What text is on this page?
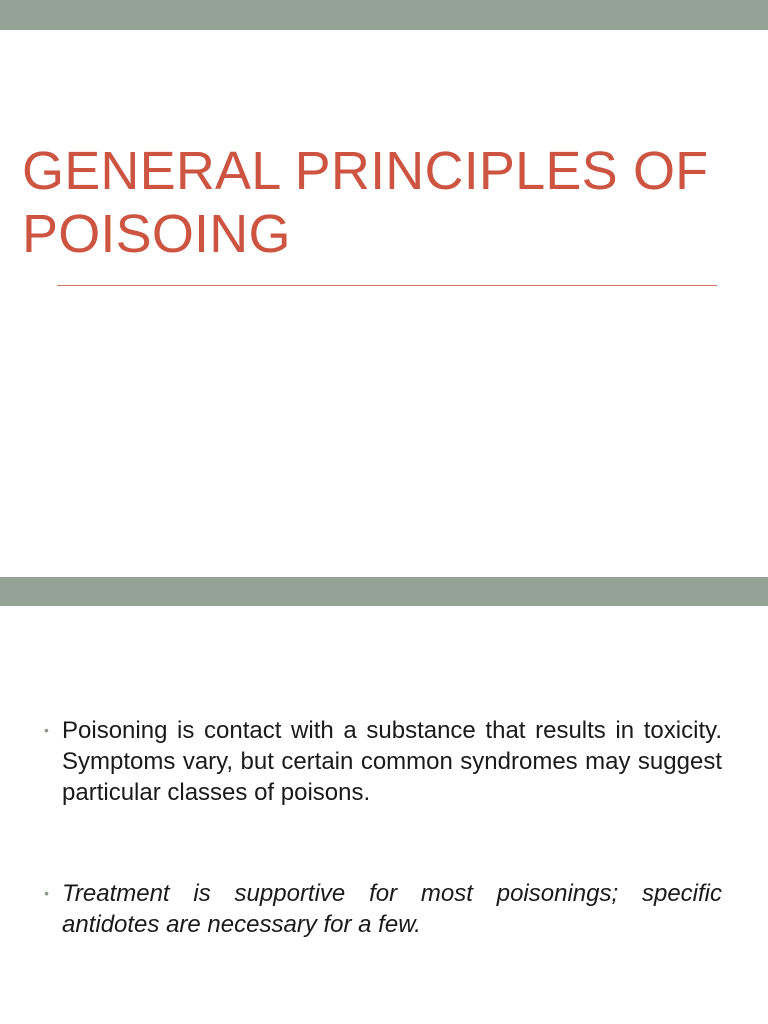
GENERAL PRINCIPLES OF POISOING
• Poisoning is contact with a substance that results in toxicity. Symptoms vary, but certain common syndromes may suggest particular classes of poisons.
• Treatment is supportive for most poisonings; specific antidotes are necessary for a few.
